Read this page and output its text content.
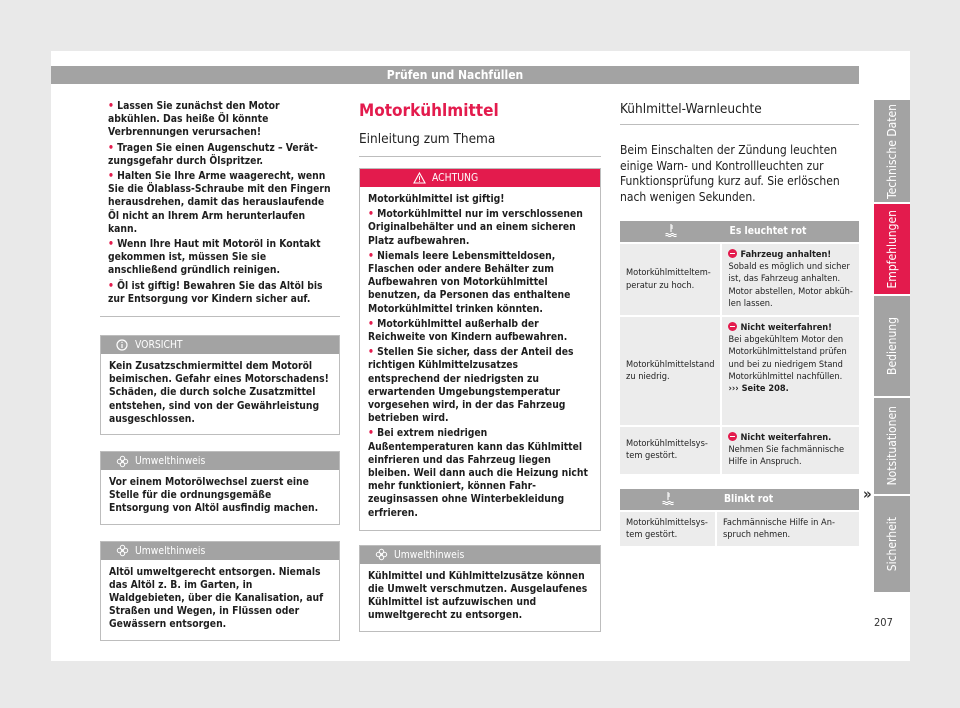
Prüfen und Nachfüllen
• Lassen Sie zunächst den Motor abkühlen. Das heiße Öl könnte Verbrennungen verursachen!
• Tragen Sie einen Augenschutz – Verätzungsgefahr durch Ölspritzer.
• Halten Sie Ihre Arme waagerecht, wenn Sie die Ölablass-Schraube mit den Fingern herausdrehen, damit das herauslaufende Öl nicht an Ihrem Arm herunterlaufen kann.
• Wenn Ihre Haut mit Motoröl in Kontakt gekommen ist, müssen Sie sie anschließend gründlich reinigen.
• Öl ist giftig! Bewahren Sie das Altöl bis zur Entsorgung vor Kindern sicher auf.
VORSICHT
Kein Zusatzschmiermittel dem Motoröl beimischen. Gefahr eines Motorschadens! Schäden, die durch solche Zusatzmittel entstehen, sind von der Gewährleistung ausgeschlossen.
Umwelthinweis
Vor einem Motorölwechsel zuerst eine Stelle für die ordnungsgemäße Entsorgung von Altöl ausfindig machen.
Umwelthinweis
Altöl umweltgerecht entsorgen. Niemals das Altöl z. B. im Garten, in Waldgebieten, über die Kanalisation, auf Straßen und Wegen, in Flüssen oder Gewässern entsorgen.
Motorkühlmittel
Einleitung zum Thema
ACHTUNG
Motorkühlmittel ist giftig!
• Motorkühlmittel nur im verschlossenen Originalbehälter und an einem sicheren Platz aufbewahren.
• Niemals leere Lebensmitteldosen, Flaschen oder andere Behälter zum Aufbewahren von Motorkühlmittel benutzen, da Personen das enthaltene Motorkühlmittel trinken könnten.
• Motorkühlmittel außerhalb der Reichweite von Kindern aufbewahren.
• Stellen Sie sicher, dass der Anteil des richtigen Kühlmittelzusatzes entsprechend der niedrigsten zu erwartenden Umgebungstemperatur vorgesehen wird, in der das Fahrzeug betrieben wird.
• Bei extrem niedrigen Außentemperaturen kann das Kühlmittel einfrieren und das Fahrzeug liegen bleiben. Weil dann auch die Heizung nicht mehr funktioniert, können Fahrzeuginsassen ohne Winterbekleidung erfrieren.
Umwelthinweis
Kühlmittel und Kühlmittelzusätze können die Umwelt verschmutzen. Ausgelaufenes Kühlmittel ist aufzuwischen und umweltgerecht zu entsorgen.
Kühlmittel-Warnleuchte
Beim Einschalten der Zündung leuchten einige Warn- und Kontrollleuchten zur Funktionsprüfung kurz auf. Sie erlöschen nach wenigen Sekunden.
	Es leuchtet rot
Motorkühlmitteltemperatur zu hoch.	Fahrzeug anhalten!
Sobald es möglich und sicher ist, das Fahrzeug anhalten. Motor abstellen, Motor abkühlen lassen.

Motorkühlmittelstand zu niedrig.	Nicht weiterfahren!
Bei abgekühltem Motor den Motorkühlmittelstand prüfen und bei zu niedrigem Stand Motorkühlmittel nachfüllen.
››› Seite 208.

Motorkühlmittelsystem gestört.	Nicht weiterfahren.
Nehmen Sie fachmännische Hilfe in Anspruch.
	Blinkt rot
Motorkühlmittelsystem gestört.	Fachmännische Hilfe in Anspruch nehmen.
»
Technische Daten
Empfehlungen
Bedienung
Notsituationen
Sicherheit
207
